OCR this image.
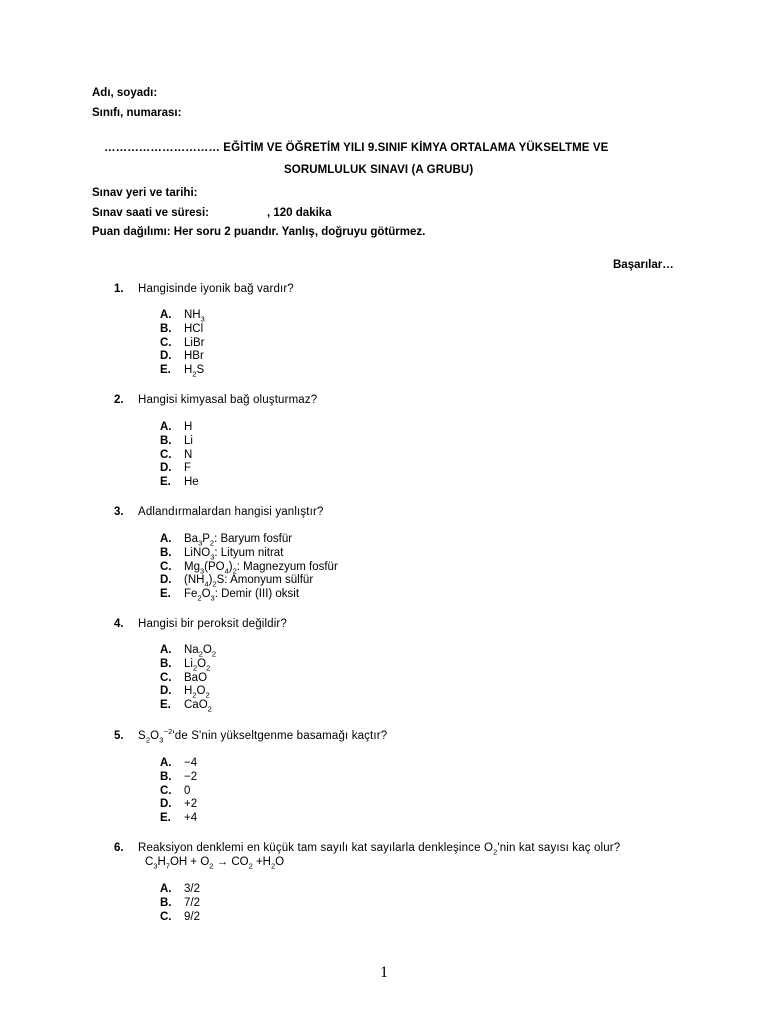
Adı, soyadı:
Sınıfı, numarası:
………………………… EĞİTİM VE ÖĞRETİM YILI 9.SINIF KİMYA ORTALAMA YÜKSELTME VE
SORUMLULUK SINAVI (A GRUBU)
Sınav yeri ve tarihi:
Sınav saati ve süresi:	, 120 dakika
Puan dağılımı: Her soru 2 puandır. Yanlış, doğruyu götürmez.
Başarılar…
1. Hangisinde iyonik bağ vardır?
A. $NH_3$
B. HCl
C. LiBr
D. HBr
E. $H_2S$
2. Hangisi kimyasal bağ oluşturmaz?
A. H
B. Li
C. N
D. F
E. He
3. Adlandırmalardan hangisi yanlıştır?
A. $Ba_3P_2$: Baryum fosfür
B. LiNO$_3$: Lityum nitrat
C. $Mg_3(PO_4)_2$: Magnezyum fosfür
D. $(NH_4)_2S$: Amonyum sülfür
E. $Fe_2O_3$: Demir (III) oksit
4. Hangisi bir peroksit değildir?
A. $Na_2O_2$
B. $Li_2O_2$
C. BaO
D. $H_2O_2$
E. CaO$_2$
5. $S_2O_3^{-2}'de$ S'nin yükseltgenme basamağı kaçtır?
A. −4
B. −2
C. 0
D. +2
E. +4
6. Reaksiyon denklemi en küçük tam sayılı kat sayılarla denkleşince $O_2'nin$ kat sayısı kaç olur?
$C_3H_7OH + O_2 \to CO_2 +H_2O$
A. 3/2
B. 7/2
C. 9/2
1
